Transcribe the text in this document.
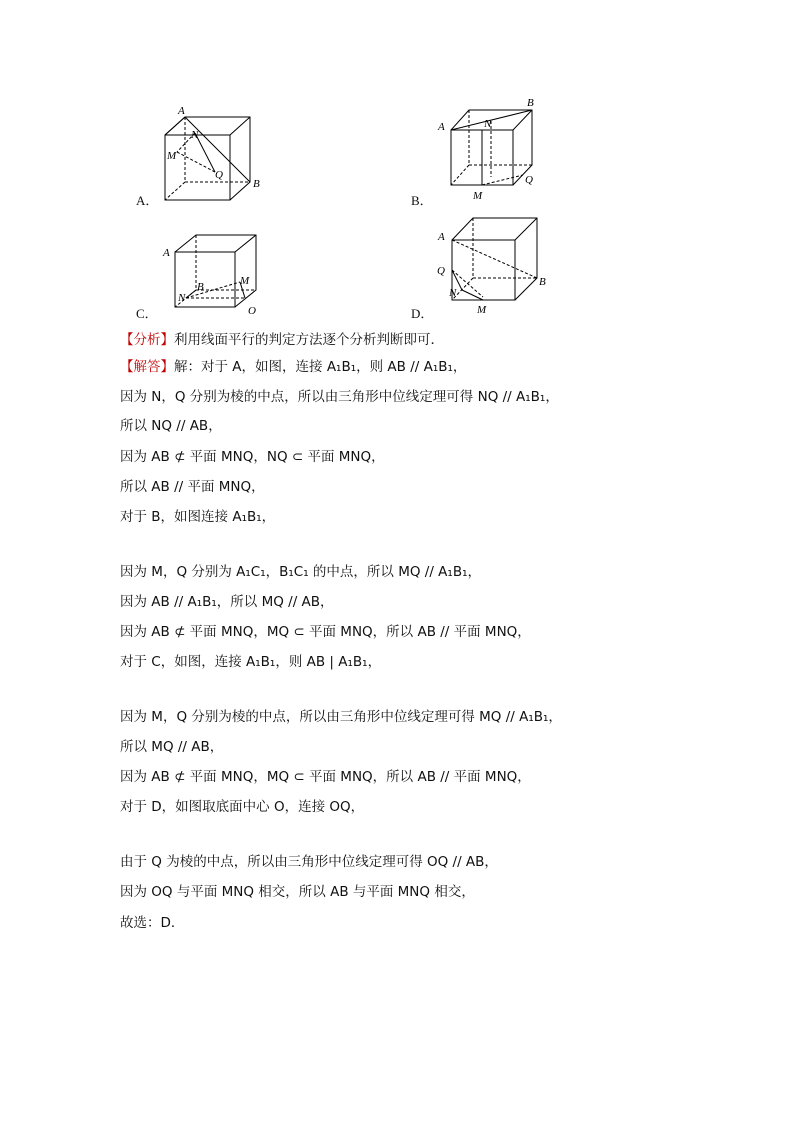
A．	B．
C．	D．
A
N
M
Q
B
B
A	N
Q
M
A
M
B
N
O
A
Q
B
N
M
【分析】利用线面平行的判定方法逐个分析判断即可．
【解答】解：对于 A，如图，连接 A₁B₁，则 AB // A₁B₁，
因为 N，Q 分别为棱的中点，所以由三角形中位线定理可得 NQ // A₁B₁，
所以 NQ // AB，
因为 AB ⊄ 平面 MNQ，NQ ⊂ 平面 MNQ，
所以 AB // 平面 MNQ，
对于 B，如图连接 A₁B₁，
因为 M，Q 分别为 A₁C₁，B₁C₁ 的中点，所以 MQ // A₁B₁，
因为 AB // A₁B₁，所以 MQ // AB，
因为 AB ⊄ 平面 MNQ，MQ ⊂ 平面 MNQ，所以 AB // 平面 MNQ，
对于 C，如图，连接 A₁B₁，则 AB | A₁B₁，
因为 M，Q 分别为棱的中点，所以由三角形中位线定理可得 MQ // A₁B₁，
所以 MQ // AB，
因为 AB ⊄ 平面 MNQ，MQ ⊂ 平面 MNQ，所以 AB // 平面 MNQ，
对于 D，如图取底面中心 O，连接 OQ，
由于 Q 为棱的中点，所以由三角形中位线定理可得 OQ // AB，
因为 OQ 与平面 MNQ 相交，所以 AB 与平面 MNQ 相交，
故选：D．
